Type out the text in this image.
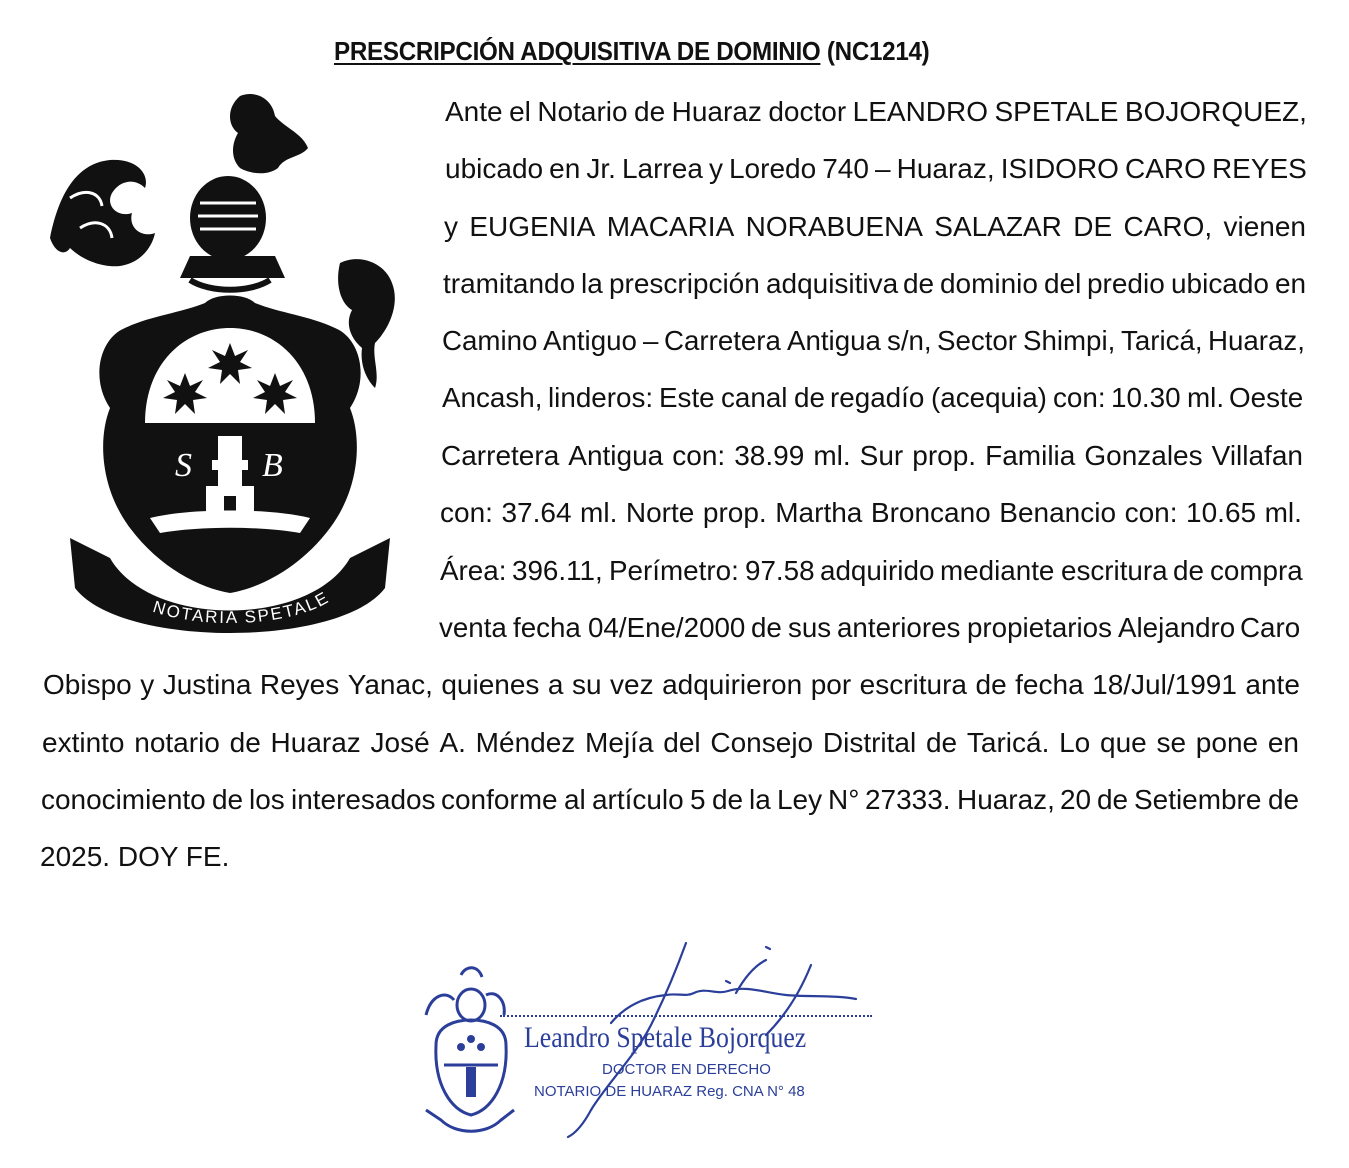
PRESCRIPCIÓN ADQUISITIVA DE DOMINIO (NC1214)
S B
NOTARIA SPETALE
Ante el Notario de Huaraz doctor LEANDRO SPETALE BOJORQUEZ,
ubicado en Jr. Larrea y Loredo 740 – Huaraz, ISIDORO CARO REYES
y EUGENIA MACARIA NORABUENA SALAZAR DE CARO, vienen
tramitando la prescripción adquisitiva de dominio del predio ubicado en
Camino Antiguo – Carretera Antigua s/n, Sector Shimpi, Taricá, Huaraz,
Ancash, linderos: Este canal de regadío (acequia) con: 10.30 ml. Oeste
Carretera Antigua con: 38.99 ml. Sur prop. Familia Gonzales Villafan
con: 37.64 ml. Norte prop. Martha Broncano Benancio con: 10.65 ml.
Área: 396.11, Perímetro: 97.58 adquirido mediante escritura de compra
venta fecha 04/Ene/2000 de sus anteriores propietarios Alejandro Caro
Obispo y Justina Reyes Yanac, quienes a su vez adquirieron por escritura de fecha 18/Jul/1991 ante
extinto notario de Huaraz José A. Méndez Mejía del Consejo Distrital de Taricá. Lo que se pone en
conocimiento de los interesados conforme al artículo 5 de la Ley N° 27333. Huaraz, 20 de Setiembre de
2025. DOY FE.
Leandro Spetale Bojorquez
DOCTOR EN DERECHO
NOTARIO DE HUARAZ Reg. CNA N° 48
